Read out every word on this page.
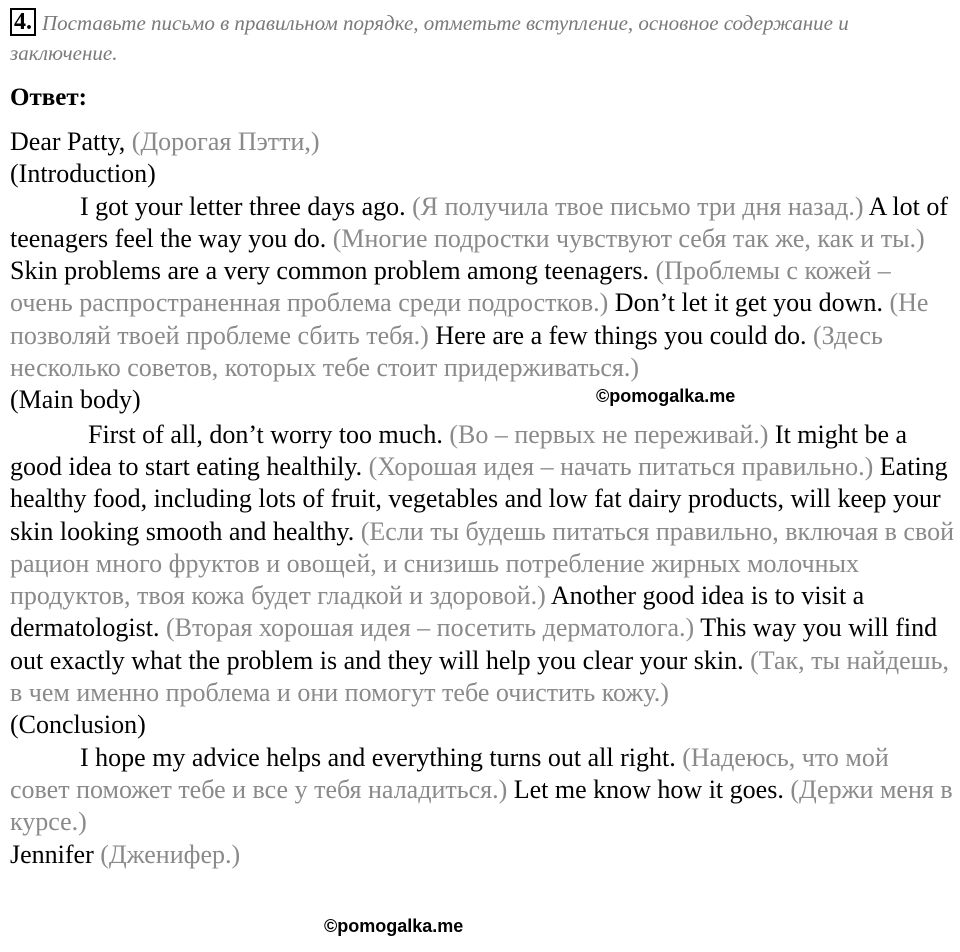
4. Поставьте письмо в правильном порядке, отметьте вступление, основное содержание и заключение.
Ответ:

Dear Patty, (Дорогая Пэтти,)

(Introduction)

I got your letter three days ago. (Я получила твое письмо три дня назад.) A lot of teenagers feel the way you do. (Многие подростки чувствуют себя так же, как и ты.) Skin problems are a very common problem among teenagers. (Проблемы с кожей – очень распространенная проблема среди подростков.) Don’t let it get you down. (Не позволяй твоей проблеме сбить тебя.) Here are a few things you could do. (Здесь несколько советов, которых тебе стоит придерживаться.)

(Main body)

First of all, don’t worry too much. (Во – первых не переживай.) It might be a good idea to start eating healthily. (Хорошая идея – начать питаться правильно.) Eating healthy food, including lots of fruit, vegetables and low fat dairy products, will keep your skin looking smooth and healthy. (Если ты будешь питаться правильно, включая в свой рацион много фруктов и овощей, и снизишь потребление жирных молочных продуктов, твоя кожа будет гладкой и здоровой.) Another good idea is to visit a dermatologist. (Вторая хорошая идея – посетить дерматолога.) This way you will find out exactly what the problem is and they will help you clear your skin. (Так, ты найдешь, в чем именно проблема и они помогут тебе очистить кожу.)

(Conclusion)

I hope my advice helps and everything turns out all right. (Надеюсь, что мой совет поможет тебе и все у тебя наладиться.) Let me know how it goes. (Держи меня в курсе.)

Jennifer (Дженифер.)

©pomogalka.me
©pomogalka.me
